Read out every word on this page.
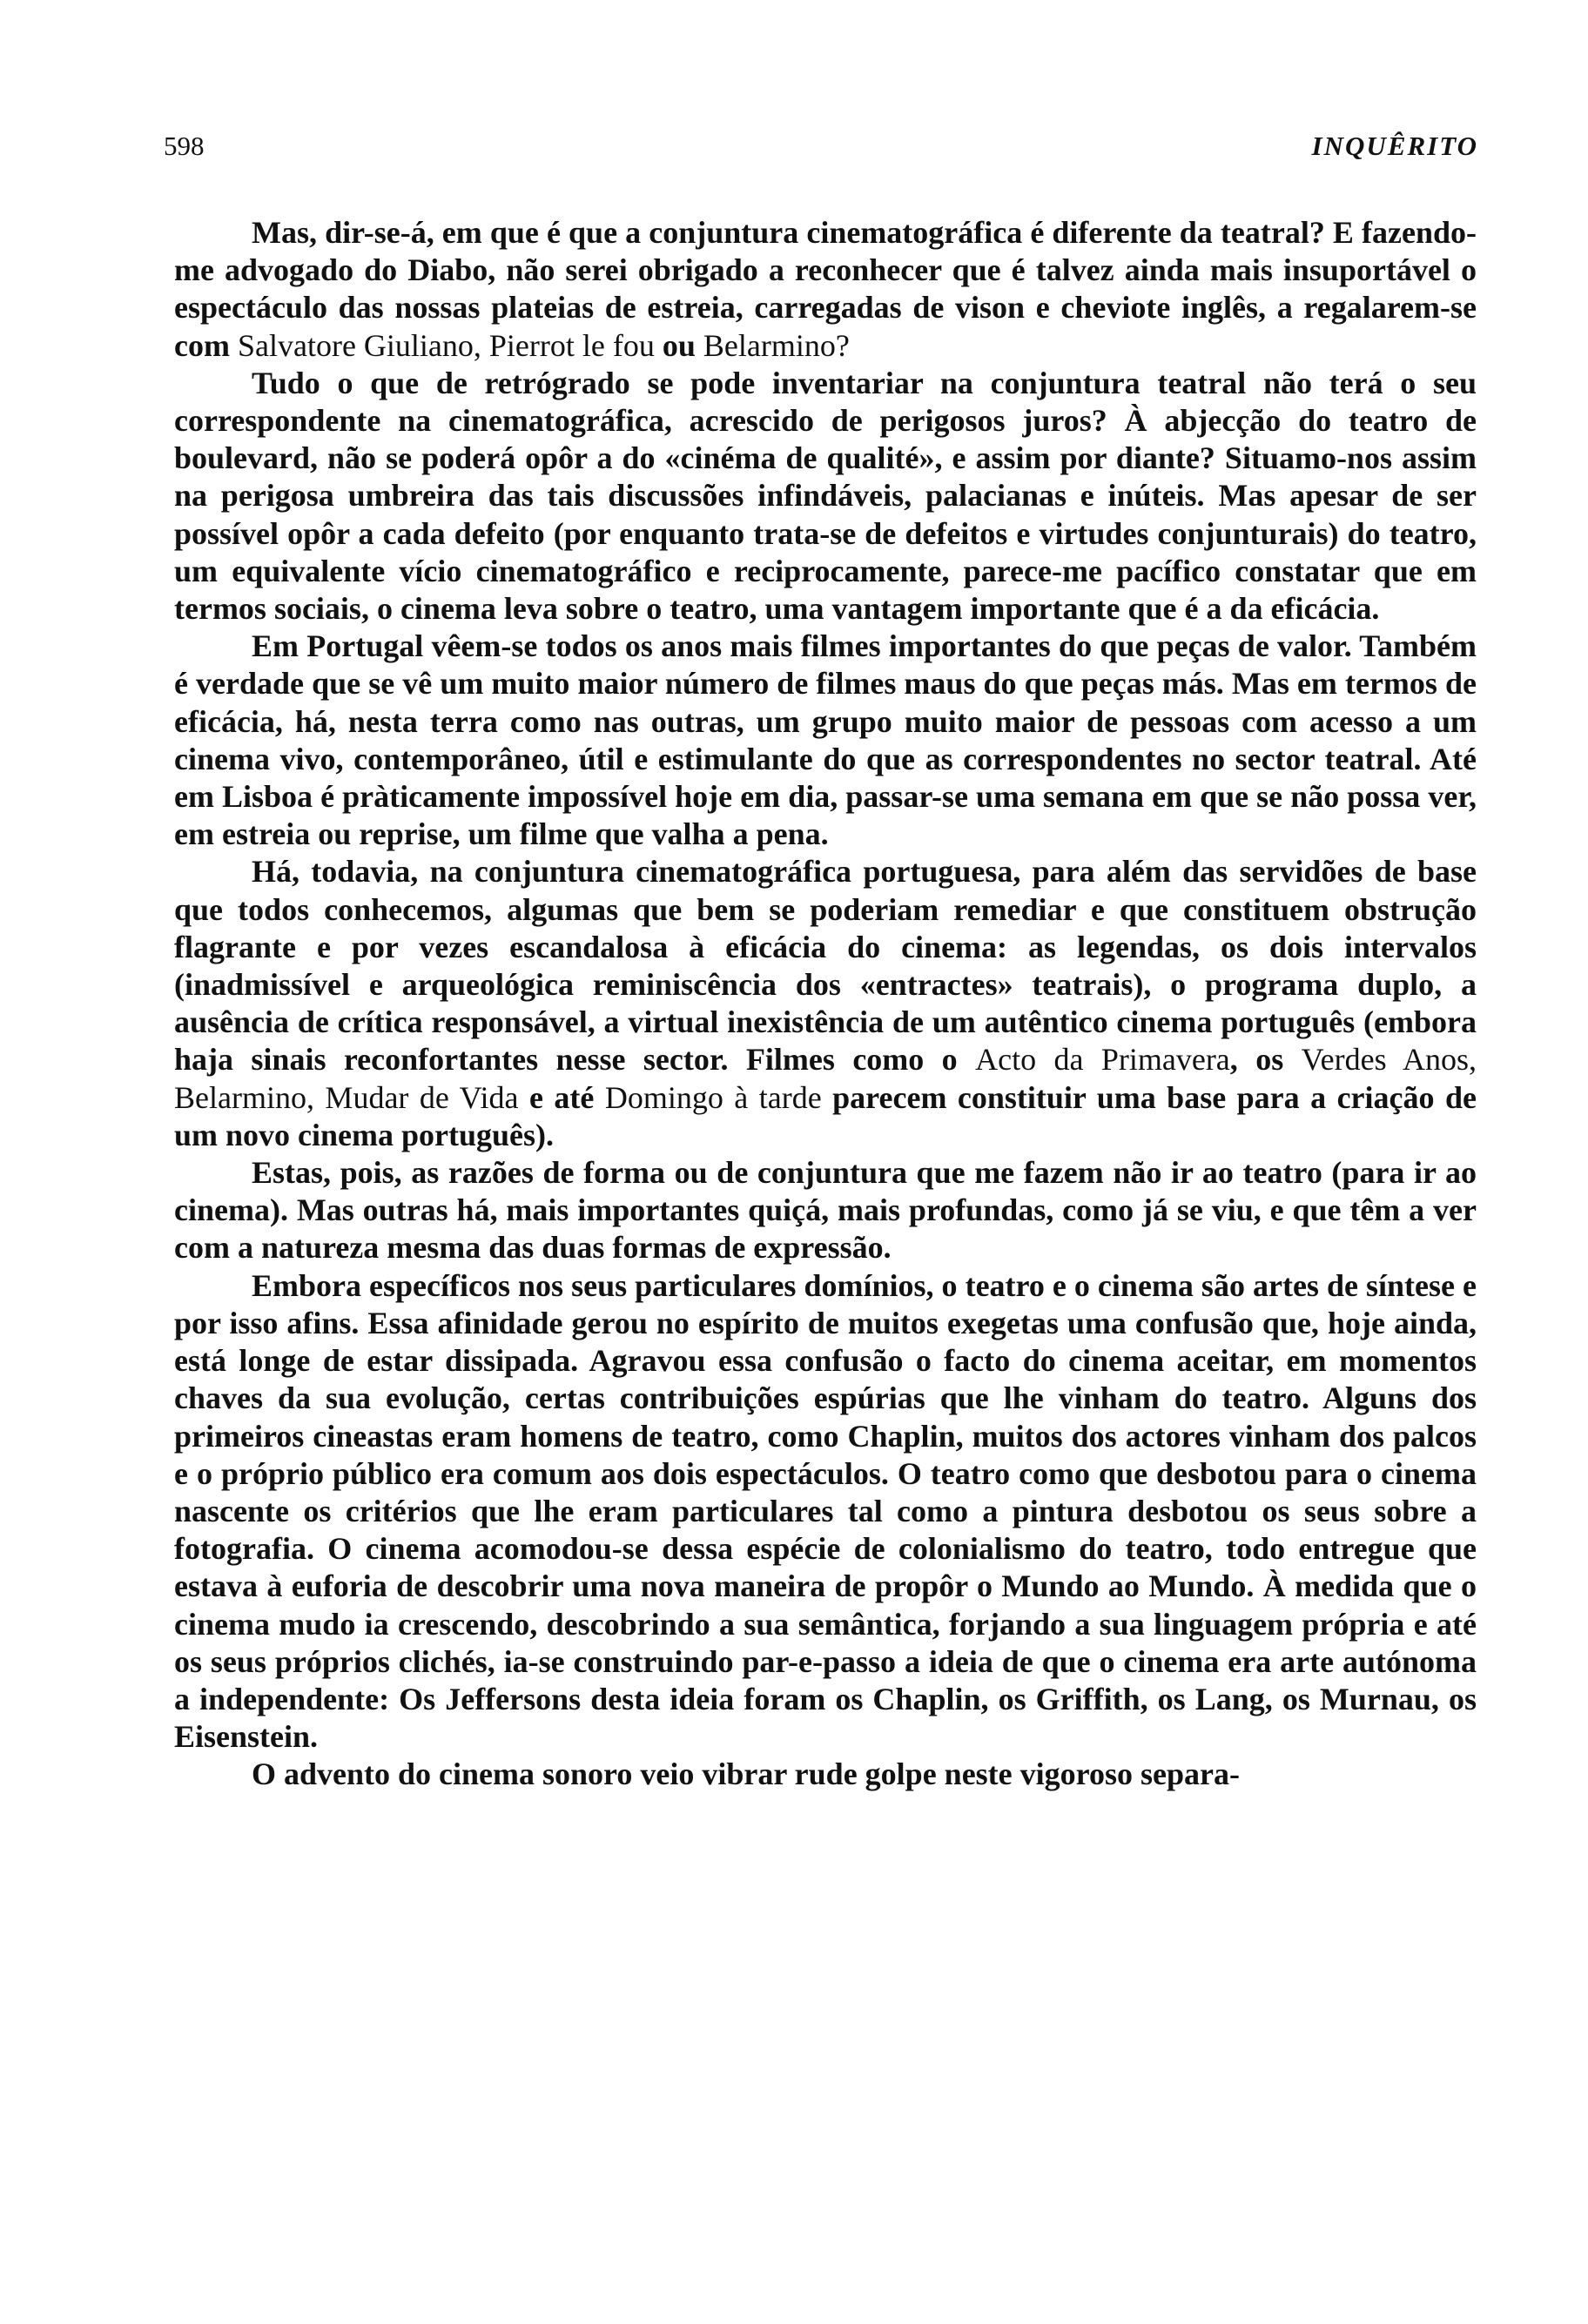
598	INQUÊRITO

Mas, dir-se-á, em que é que a conjuntura cinematográfica é diferente da teatral? E fazendo-me advogado do Diabo, não serei obrigado a reconhecer que é talvez ainda mais insuportável o espectáculo das nossas plateias de estreia, carregadas de vison e cheviote inglês, a regalarem-se com Salvatore Giuliano, Pierrot le fou ou Belarmino?

Tudo o que de retrógrado se pode inventariar na conjuntura teatral não terá o seu correspondente na cinematográfica, acrescido de perigosos juros? À abjecção do teatro de boulevard, não se poderá opôr a do «cinéma de qualité», e assim por diante? Situamo-nos assim na perigosa umbreira das tais discussões infindáveis, palacianas e inúteis. Mas apesar de ser possível opôr a cada defeito (por enquanto trata-se de defeitos e virtudes conjunturais) do teatro, um equivalente vício cinematográfico e reciprocamente, parece-me pacífico constatar que em termos sociais, o cinema leva sobre o teatro, uma vantagem importante que é a da eficácia.

Em Portugal vêem-se todos os anos mais filmes importantes do que peças de valor. Também é verdade que se vê um muito maior número de filmes maus do que peças más. Mas em termos de eficácia, há, nesta terra como nas outras, um grupo muito maior de pessoas com acesso a um cinema vivo, contemporâneo, útil e estimulante do que as correspondentes no sector teatral. Até em Lisboa é pràticamente impossível hoje em dia, passar-se uma semana em que se não possa ver, em estreia ou reprise, um filme que valha a pena.

Há, todavia, na conjuntura cinematográfica portuguesa, para além das servidões de base que todos conhecemos, algumas que bem se poderiam remediar e que constituem obstrução flagrante e por vezes escandalosa à eficácia do cinema: as legendas, os dois intervalos (inadmissível e arqueológica reminiscência dos «entractes» teatrais), o programa duplo, a ausência de crítica responsável, a virtual inexistência de um autêntico cinema português (embora haja sinais reconfortantes nesse sector. Filmes como o Acto da Primavera, os Verdes Anos, Belarmino, Mudar de Vida e até Domingo à tarde parecem constituir uma base para a criação de um novo cinema português).

Estas, pois, as razões de forma ou de conjuntura que me fazem não ir ao teatro (para ir ao cinema). Mas outras há, mais importantes quiçá, mais profundas, como já se viu, e que têm a ver com a natureza mesma das duas formas de expressão.

Embora específicos nos seus particulares domínios, o teatro e o cinema são artes de síntese e por isso afins. Essa afinidade gerou no espírito de muitos exegetas uma confusão que, hoje ainda, está longe de estar dissipada. Agravou essa confusão o facto do cinema aceitar, em momentos chaves da sua evolução, certas contribuições espúrias que lhe vinham do teatro. Alguns dos primeiros cineastas eram homens de teatro, como Chaplin, muitos dos actores vinham dos palcos e o próprio público era comum aos dois espectáculos. O teatro como que desbotou para o cinema nascente os critérios que lhe eram particulares tal como a pintura desbotou os seus sobre a fotografia. O cinema acomodou-se dessa espécie de colonialismo do teatro, todo entregue que estava à euforia de descobrir uma nova maneira de propôr o Mundo ao Mundo. À medida que o cinema mudo ia crescendo, descobrindo a sua semântica, forjando a sua linguagem própria e até os seus próprios clichés, ia-se construindo par-e-passo a ideia de que o cinema era arte autónoma a independente: Os Jeffersons desta ideia foram os Chaplin, os Griffith, os Lang, os Murnau, os Eisenstein.

O advento do cinema sonoro veio vibrar rude golpe neste vigoroso separa-
